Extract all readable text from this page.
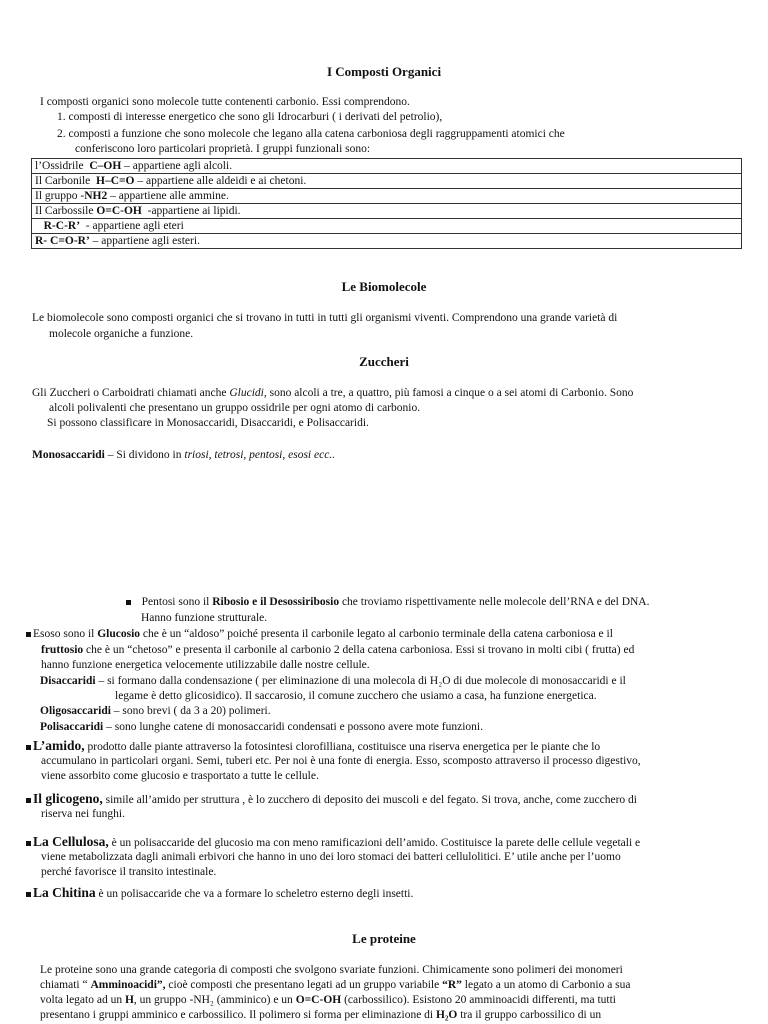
I Composti Organici
I composti organici sono molecole tutte contenenti carbonio. Essi comprendono.
1. composti di interesse energetico che sono gli Idrocarburi ( i derivati del petrolio),
2. composti a funzione che sono molecole che legano alla catena carboniosa degli raggruppamenti atomici che
conferiscono loro particolari proprietà. I gruppi funzionali sono:
l’Ossidrile  C–OH – appartiene agli alcoli.
Il Carbonile  H–C=O – appartiene alle aldeidi e ai chetoni.
Il gruppo -NH2 – appartiene alle ammine.
Il Carbossile O=C-OH  -appartiene ai lipidi.
R-C-R’  - appartiene agli eteri
R- C=O-R’ – appartiene agli esteri.
Le Biomolecole
Le biomolecole sono composti organici che si trovano in tutti in tutti gli organismi viventi. Comprendono una grande varietà di
molecole organiche a funzione.
Zuccheri
Gli Zuccheri o Carboidrati chiamati anche Glucidi, sono alcoli a tre, a quattro, più famosi a cinque o a sei atomi di Carbonio. Sono
alcoli polivalenti che presentano un gruppo ossidrile per ogni atomo di carbonio.
Si possono classificare in Monosaccaridi, Disaccaridi, e Polisaccaridi.
Monosaccaridi – Si dividono in triosi, tetrosi, pentosi, esosi ecc..
Pentosi sono il Ribosio e il Desossiribosio che troviamo rispettivamente nelle molecole dell’RNA e del DNA.
Hanno funzione strutturale.
Esoso sono il Glucosio che è un “aldoso” poiché presenta il carbonile legato al carbonio terminale della catena carboniosa e il
fruttosio che è un “chetoso” e presenta il carbonile al carbonio 2 della catena carboniosa. Essi si trovano in molti cibi ( frutta) ed
hanno funzione energetica velocemente utilizzabile dalle nostre cellule.
Disaccaridi – si formano dalla condensazione ( per eliminazione di una molecola di H₂O di due molecole di monosaccaridi e il
legame è detto glicosidico). Il saccarosio, il comune zucchero che usiamo a casa, ha funzione energetica.
Oligosaccaridi – sono brevi ( da 3 a 20) polimeri.
Polisaccaridi – sono lunghe catene di monosaccaridi condensati e possono avere mote funzioni.
L’amido, prodotto dalle piante attraverso la fotosintesi clorofilliana, costituisce una riserva energetica per le piante che lo
accumulano in particolari organi. Semi, tuberi etc. Per noi è una fonte di energia. Esso, scomposto attraverso il processo digestivo,
viene assorbito come glucosio e trasportato a tutte le cellule.
Il glicogeno, simile all’amido per struttura , è lo zucchero di deposito dei muscoli e del fegato. Si trova, anche, come zucchero di
riserva nei funghi.
La Cellulosa, è un polisaccaride del glucosio ma con meno ramificazioni dell’amido. Costituisce la parete delle cellule vegetali e
viene metabolizzata dagli animali erbivori che hanno in uno dei loro stomaci dei batteri cellulolitici. E’ utile anche per l’uomo
perché favorisce il transito intestinale.
La Chitina è un polisaccaride che va a formare lo scheletro esterno degli insetti.
Le proteine
Le proteine sono una grande categoria di composti che svolgono svariate funzioni. Chimicamente sono polimeri dei monomeri
chiamati “ Amminoacidi”, cioè composti che presentano legati ad un gruppo variabile “R” legato a un atomo di Carbonio a sua
volta legato ad un H, un gruppo -NH₂ (amminico) e un O=C-OH (carbossilico). Esistono 20 amminoacidi differenti, ma tutti
presentano i gruppi amminico e carbossilico. Il polimero si forma per eliminazione di H₂O tra il gruppo carbossilico di un
